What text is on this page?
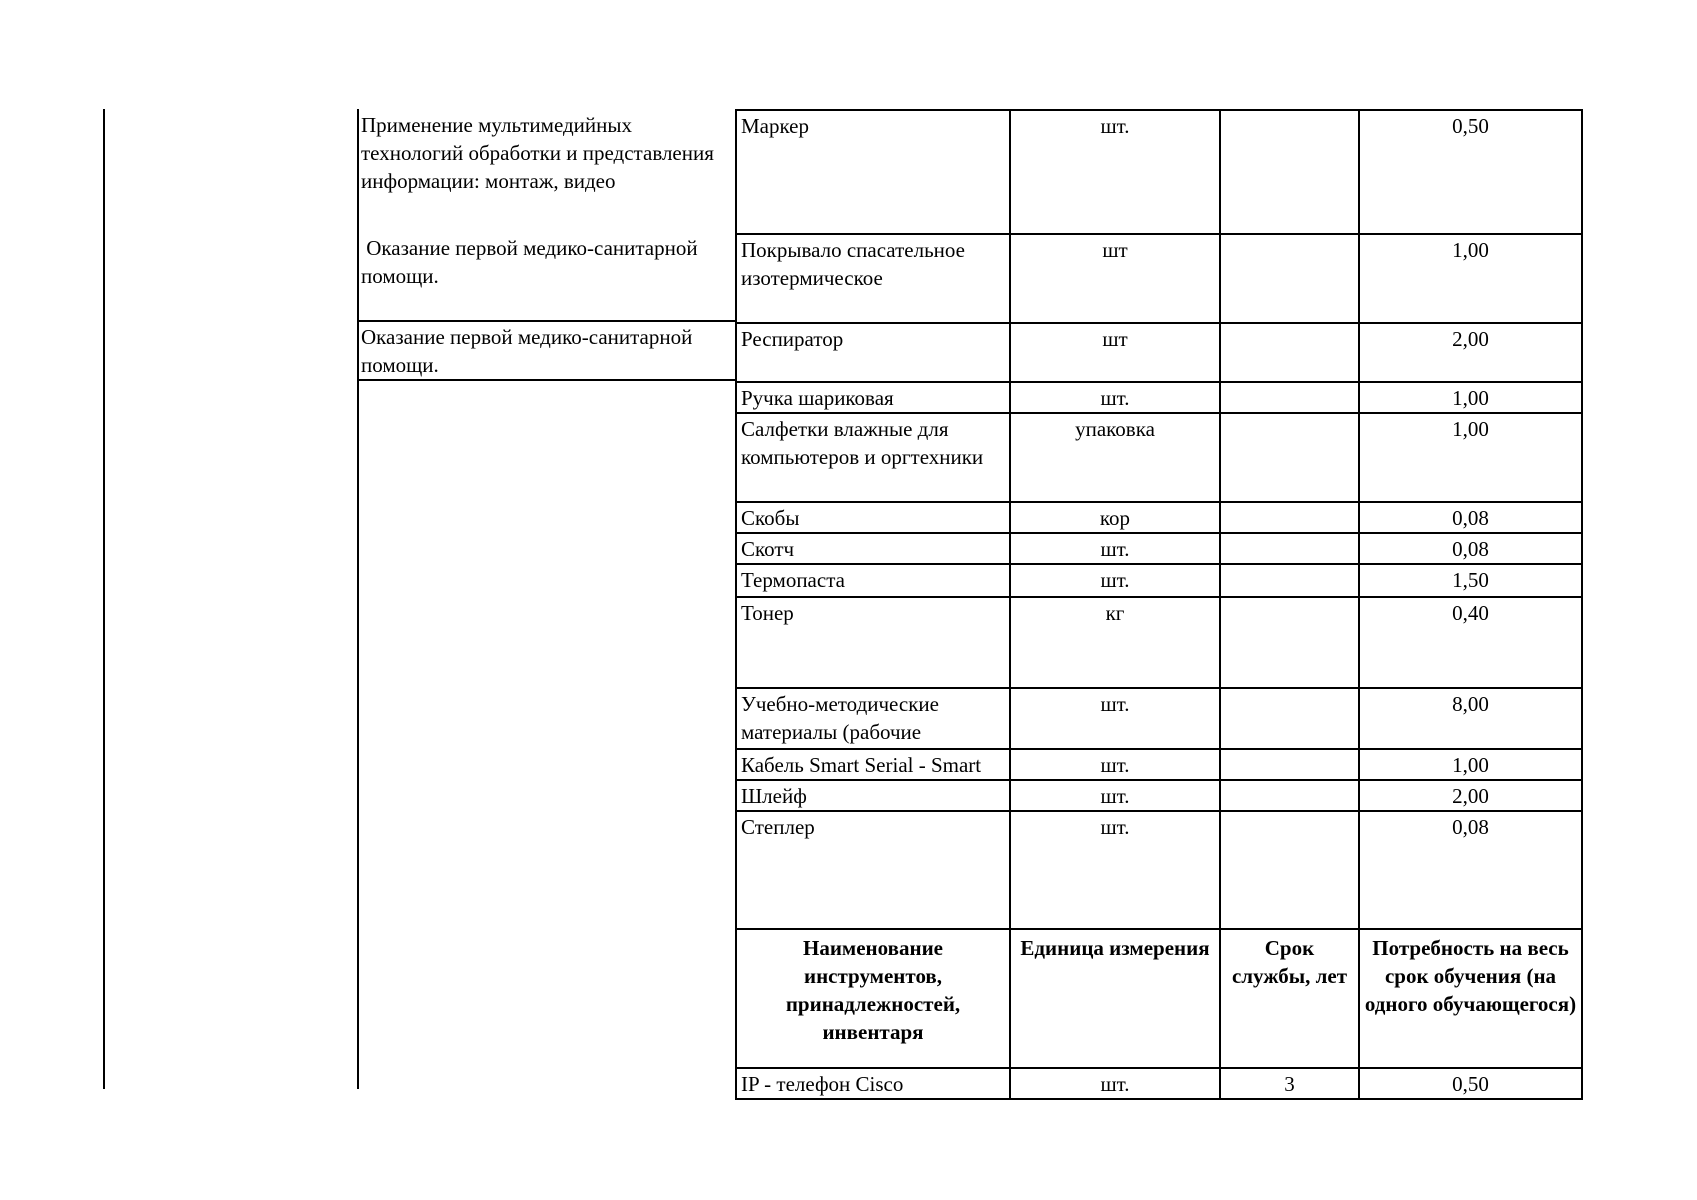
Применение мультимедийных технологий обработки и представления информации: монтаж, видео
Оказание первой медико-санитарной помощи.
Оказание первой медико-санитарной помощи.
Маркер	шт.		0,50
Покрывало спасательное изотермическое	шт		1,00
Респиратор	шт		2,00
Ручка шариковая	шт.		1,00
Салфетки влажные для компьютеров и оргтехники	упаковка		1,00
Скобы	кор		0,08
Скотч	шт.		0,08
Термопаста	шт.		1,50
Тонер	кг		0,40
Учебно-методические материалы (рабочие	шт.		8,00
Кабель Smart Serial - Smart	шт.		1,00
Шлейф	шт.		2,00
Степлер	шт.		0,08
Наименование инструментов, принадлежностей, инвентаря	Единица измерения	Срок службы, лет	Потребность на весь срок обучения (на одного обучающегося)
IP - телефон Cisco	шт.	3	0,50
